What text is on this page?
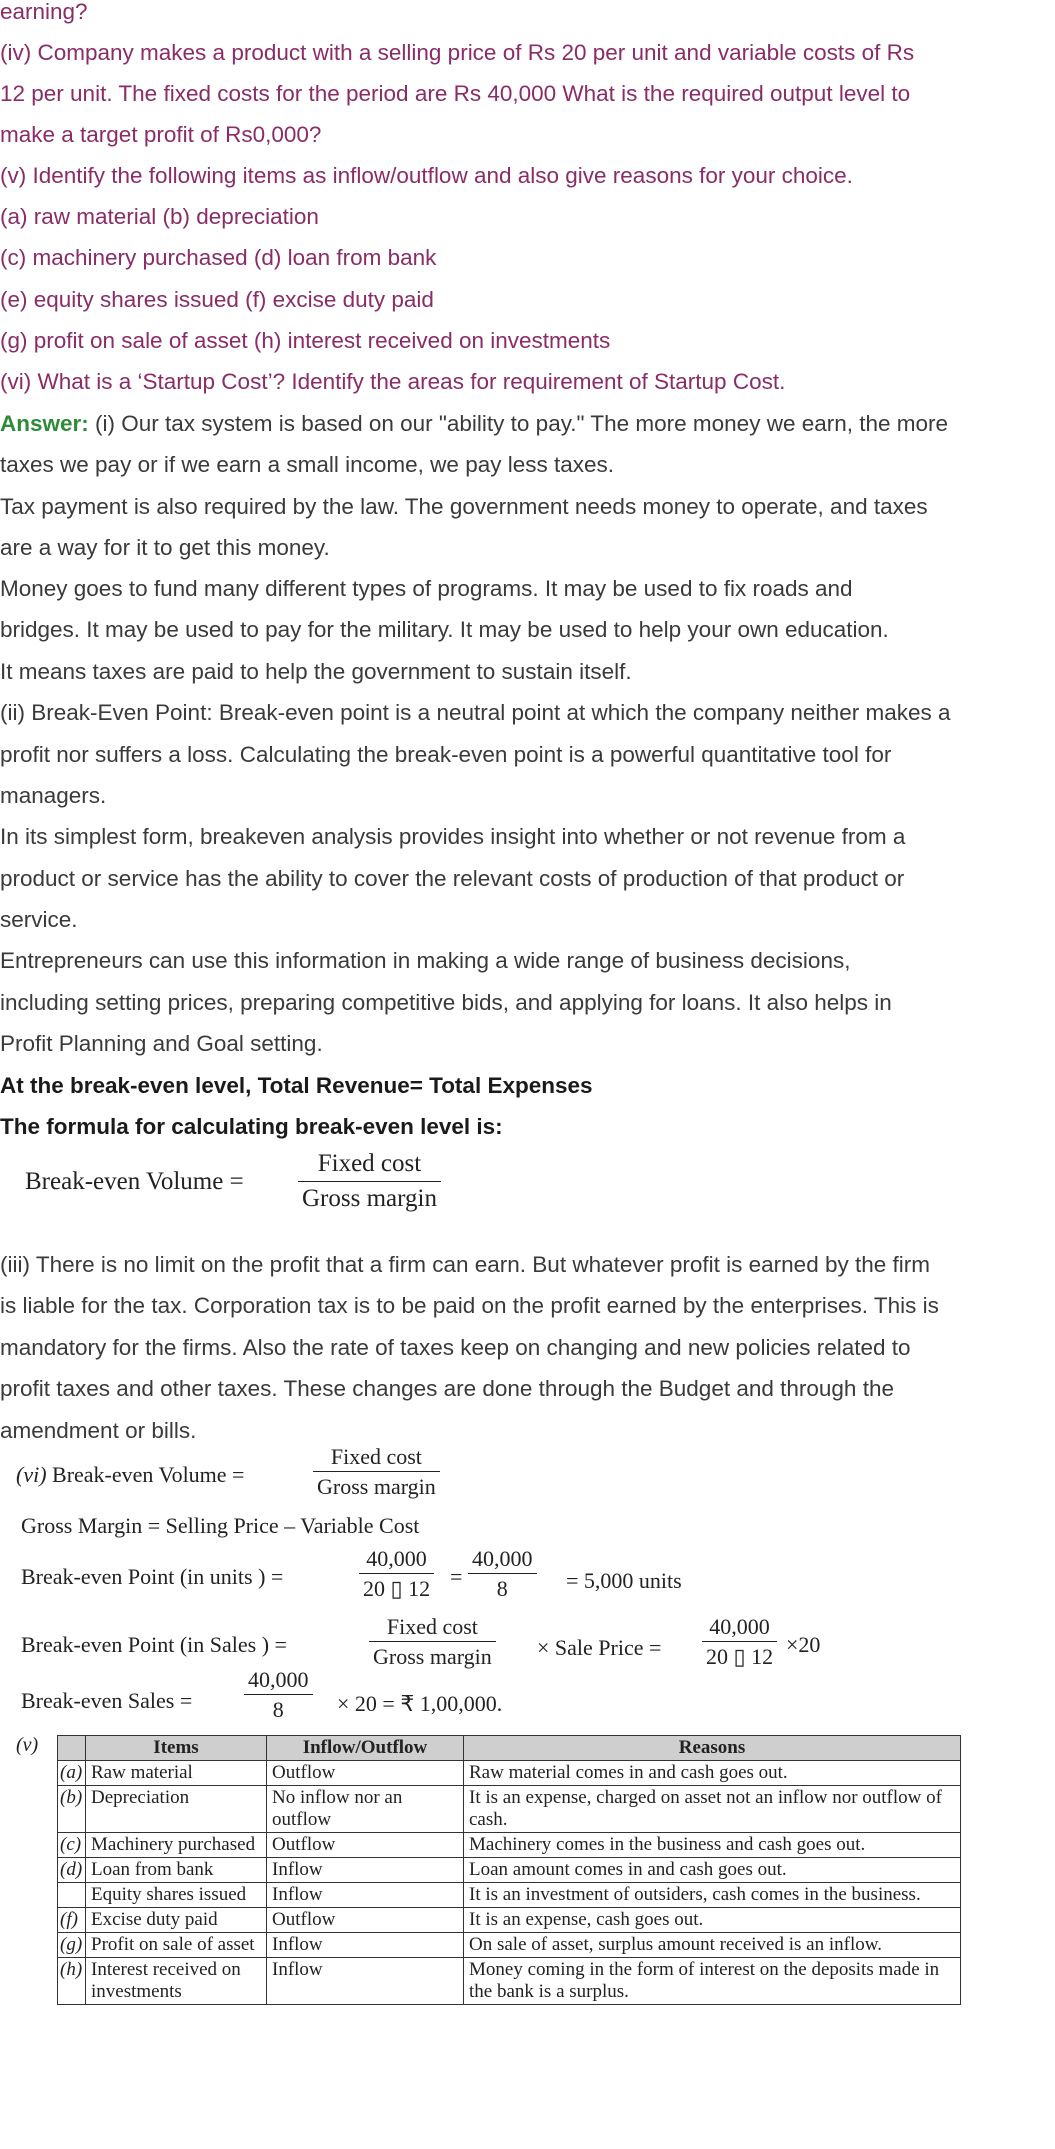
earning?
(iv) Company makes a product with a selling price of Rs 20 per unit and variable costs of Rs
12 per unit. The fixed costs for the period are Rs 40,000 What is the required output level to
make a target profit of Rs0,000?
(v) Identify the following items as inflow/outflow and also give reasons for your choice.
(a) raw material (b) depreciation
(c) machinery purchased (d) loan from bank
(e) equity shares issued (f) excise duty paid
(g) profit on sale of asset (h) interest received on investments
(vi) What is a ‘Startup Cost’? Identify the areas for requirement of Startup Cost.
Answer: (i) Our tax system is based on our "ability to pay." The more money we earn, the more
taxes we pay or if we earn a small income, we pay less taxes.
Tax payment is also required by the law. The government needs money to operate, and taxes
are a way for it to get this money.
Money goes to fund many different types of programs. It may be used to fix roads and
bridges. It may be used to pay for the military. It may be used to help your own education.
It means taxes are paid to help the government to sustain itself.
(ii) Break-Even Point: Break-even point is a neutral point at which the company neither makes a
profit nor suffers a loss. Calculating the break-even point is a powerful quantitative tool for
managers.
In its simplest form, breakeven analysis provides insight into whether or not revenue from a
product or service has the ability to cover the relevant costs of production of that product or
service.
Entrepreneurs can use this information in making a wide range of business decisions,
including setting prices, preparing competitive bids, and applying for loans. It also helps in
Profit Planning and Goal setting.
At the break-even level, Total Revenue= Total Expenses
The formula for calculating break-even level is:
Break-even Volume =
Fixed cost
Gross margin
(iii) There is no limit on the profit that a firm can earn. But whatever profit is earned by the firm
is liable for the tax. Corporation tax is to be paid on the profit earned by the enterprises. This is
mandatory for the firms. Also the rate of taxes keep on changing and new policies related to
profit taxes and other taxes. These changes are done through the Budget and through the
amendment or bills.
(vi) Break-even Volume =
Fixed cost
Gross margin
Gross Margin = Selling Price – Variable Cost
Break-even Point (in units ) =	$\frac{40,000}{20 ▯ 12} = \frac{40,000}{8} = 5,000$ units
Break-even Point (in Sales ) =
Fixed cost
Gross margin × Sale Price = $\frac{40,000}{20 ▯ 12} \times 20$
Break-even Sales = $\frac{40,000}{8} \times 20$ = ₹ 1,00,000.
(v)
		Items	Inflow/Outflow	Reasons
(a)	Raw material	Outflow	Raw material comes in and cash goes out.
(b)	Depreciation	No inflow nor an outflow	It is an expense, charged on asset not an inflow nor outflow of cash.
(c)	Machinery purchased	Outflow	Machinery comes in the business and cash goes out.
(d)	Loan from bank	Inflow	Loan amount comes in and cash goes out.
	Equity shares issued	Inflow	It is an investment of outsiders, cash comes in the business.
(f)	Excise duty paid	Outflow	It is an expense, cash goes out.
(g)	Profit on sale of asset	Inflow	On sale of asset, surplus amount received is an inflow.
(h)	Interest received on investments	Inflow	Money coming in the form of interest on the deposits made in the bank is a surplus.
